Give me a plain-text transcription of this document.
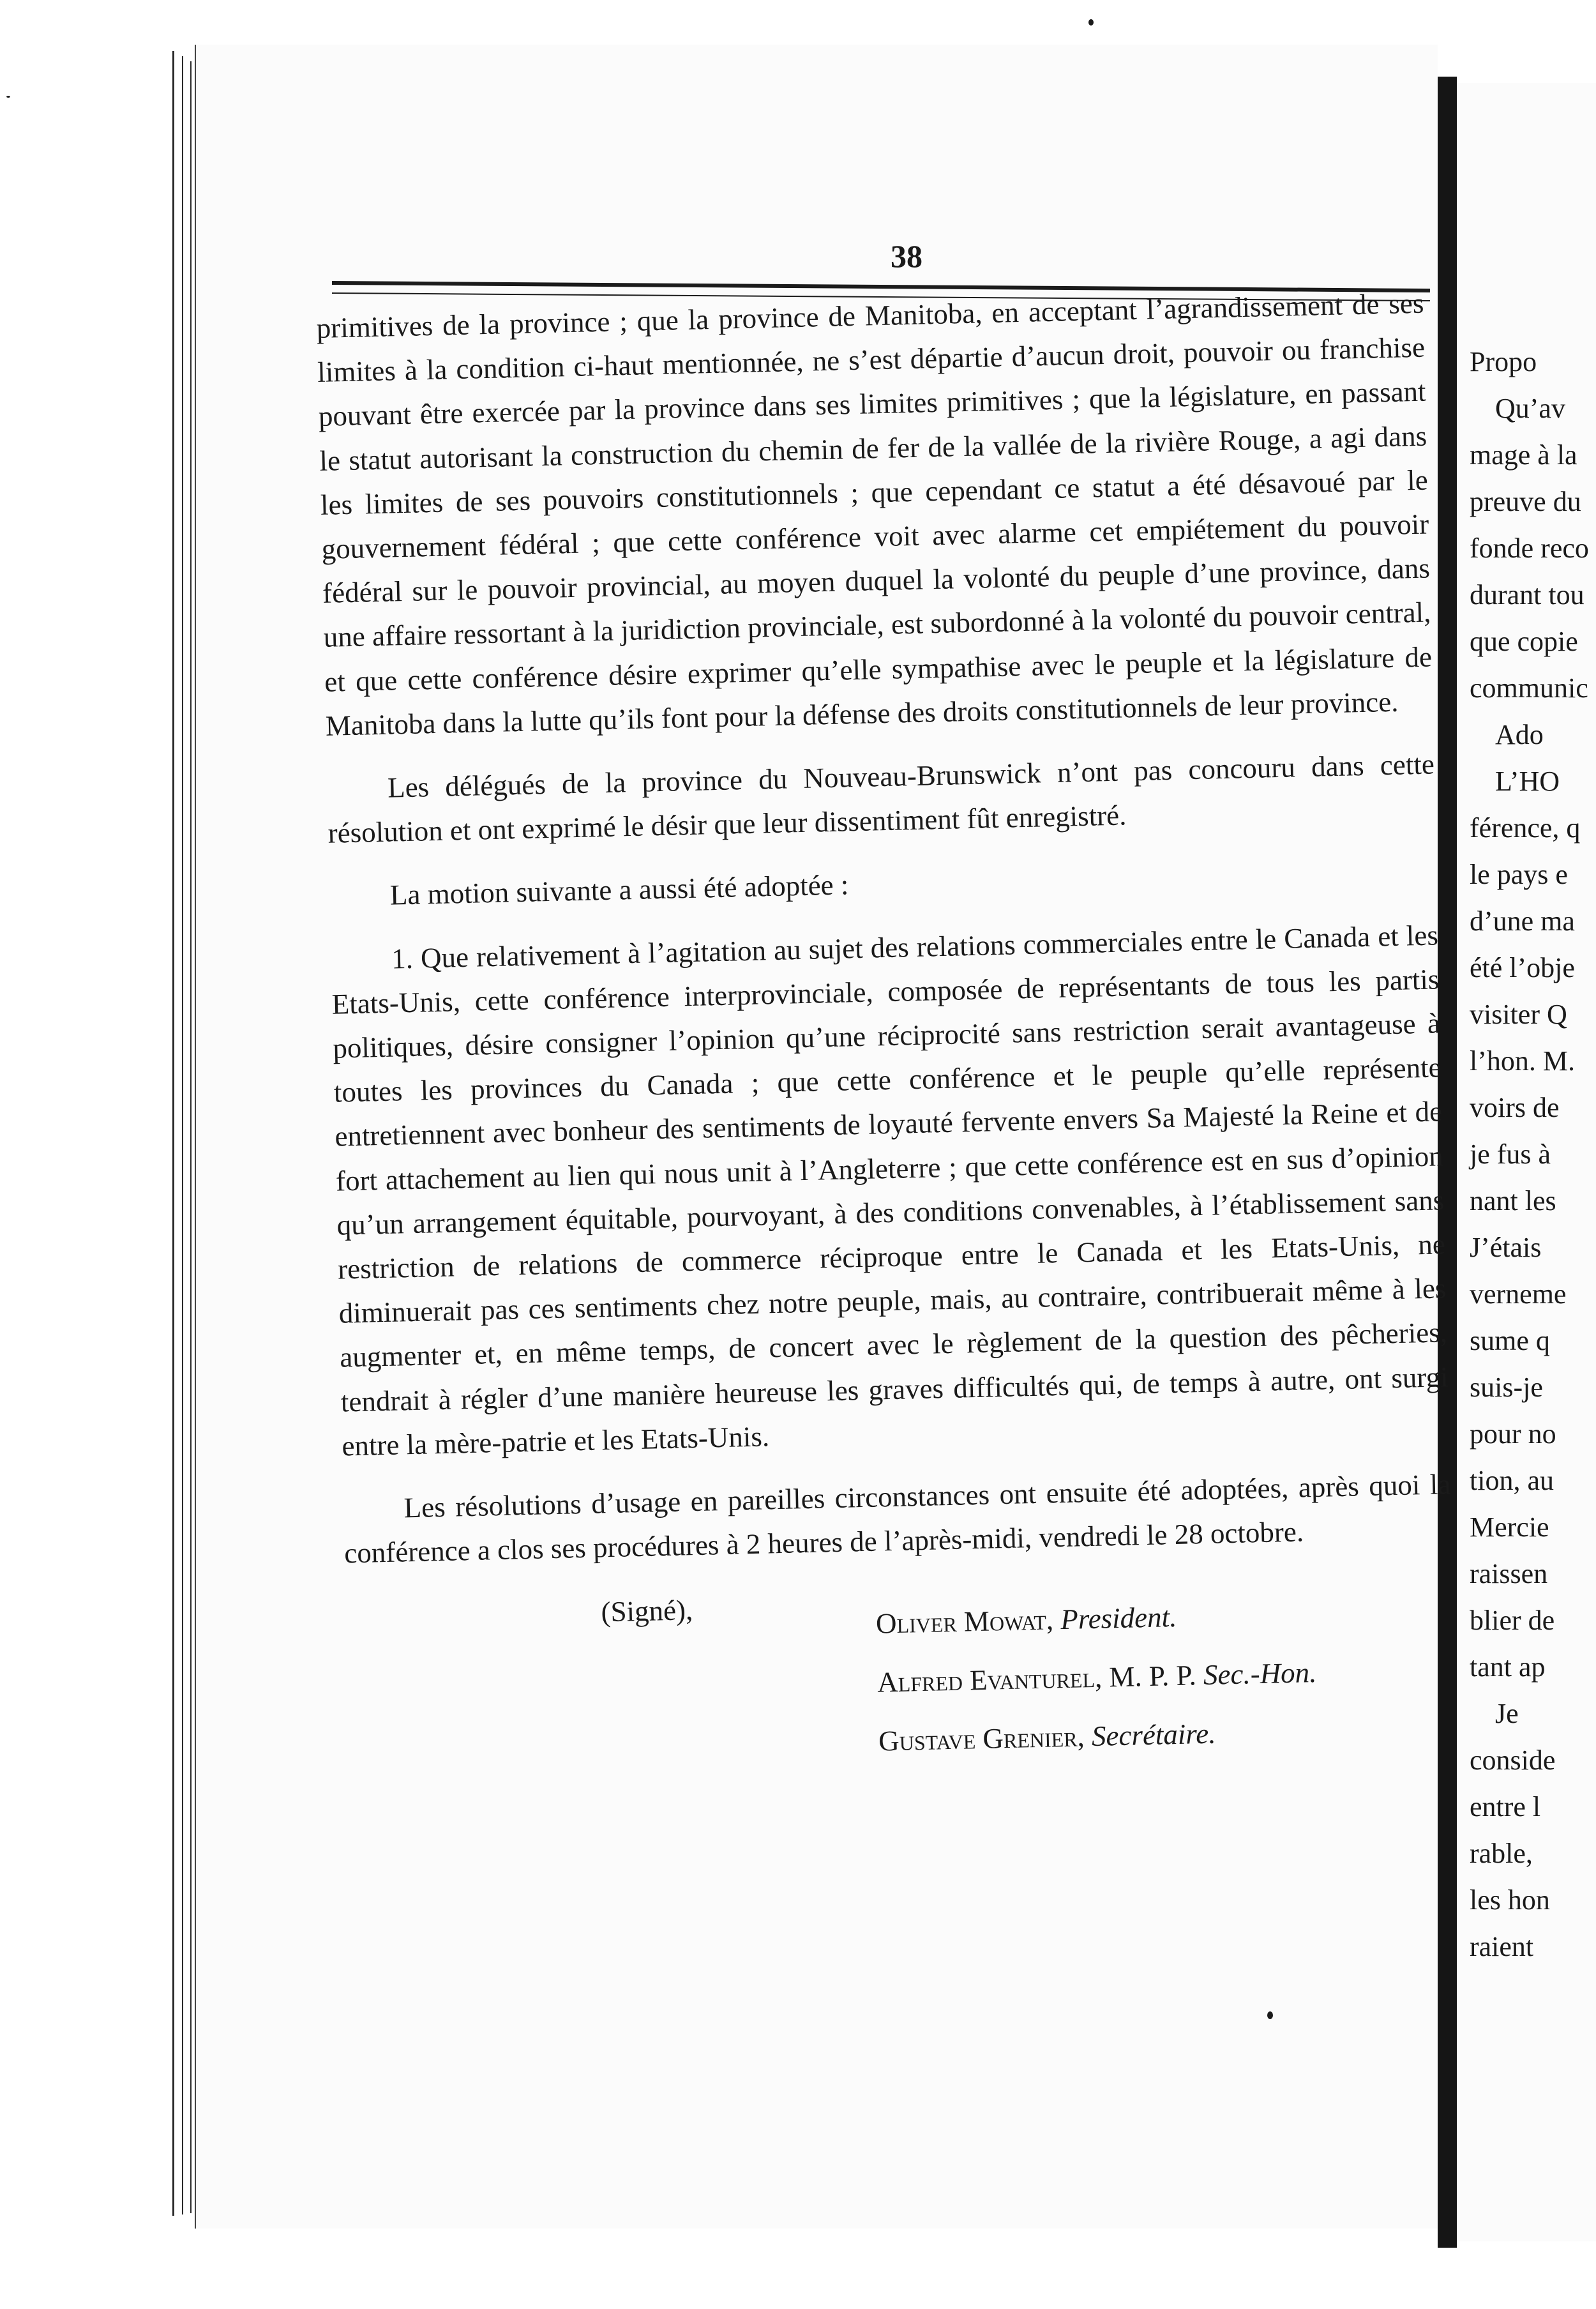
38

primitives de la province ; que la province de Manitoba, en acceptant l’agrandissement de ses limites à la condition ci-haut mentionnée, ne s’est départie d’aucun droit, pouvoir ou franchise pouvant être exercée par la province dans ses limites primitives ; que la législature, en passant le statut autorisant la construction du chemin de fer de la vallée de la rivière Rouge, a agi dans les limites de ses pouvoirs constitutionnels ; que cependant ce statut a été désavoué par le gouvernement fédéral ; que cette conférence voit avec alarme cet empiétement du pouvoir fédéral sur le pouvoir provincial, au moyen duquel la volonté du peuple d’une province, dans une affaire ressortant à la juridiction provinciale, est subordonné à la volonté du pouvoir central, et que cette conférence désire exprimer qu’elle sympathise avec le peuple et la législature de Manitoba dans la lutte qu’ils font pour la défense des droits constitutionnels de leur province.

Les délégués de la province du Nouveau-Brunswick n’ont pas concouru dans cette résolution et ont exprimé le désir que leur dissentiment fût enregistré.

La motion suivante a aussi été adoptée :

1. Que relativement à l’agitation au sujet des relations commerciales entre le Canada et les Etats-Unis, cette conférence interprovinciale, composée de représentants de tous les partis politiques, désire consigner l’opinion qu’une réciprocité sans restriction serait avantageuse à toutes les provinces du Canada ; que cette conférence et le peuple qu’elle représente entretiennent avec bonheur des sentiments de loyauté fervente envers Sa Majesté la Reine et de fort attachement au lien qui nous unit à l’Angleterre ; que cette conférence est en sus d’opinion qu’un arrangement équitable, pourvoyant, à des conditions convenables, à l’établissement sans restriction de relations de commerce réciproque entre le Canada et les Etats-Unis, ne diminuerait pas ces sentiments chez notre peuple, mais, au contraire, contribuerait même à les augmenter et, en même temps, de concert avec le règlement de la question des pêcheries, tendrait à régler d’une manière heureuse les graves difficultés qui, de temps à autre, ont surgi entre la mère-patrie et les Etats-Unis.

Les résolutions d’usage en pareilles circonstances ont ensuite été adoptées, après quoi la conférence a clos ses procédures à 2 heures de l’après-midi, vendredi le 28 octobre.

(Signé),	Oliver Mowat, President.
Alfred Evanturel, M. P. P. Sec.-Hon.
Gustave Grenier, Secrétaire.
Propo
Qu’av
mage à la
preuve du
fonde reco
durant tou
que copie
communic
Ado
L’HO
férence, q
le pays e
d’une ma
été l’obje
visiter Q
l’hon. M.
voirs de
je fus à
nant les
J’étais
verneme
sume q
suis-je
pour no
tion, au
Mercie
raissen
blier de
tant ap
Je
conside
entre l
rable,
les hon
raient
